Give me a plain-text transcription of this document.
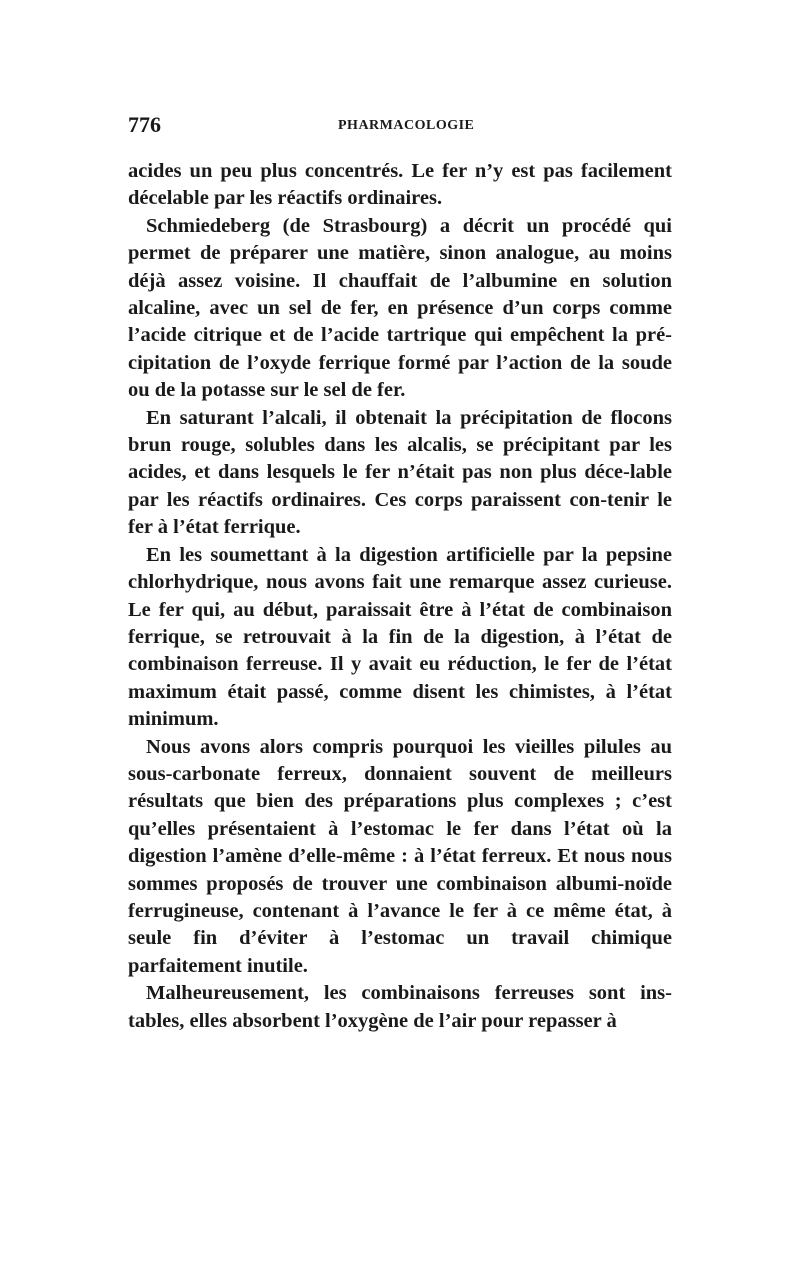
776	PHARMACOLOGIE

acides un peu plus concentrés. Le fer n’y est pas facilement décelable par les réactifs ordinaires.

Schmiedeberg (de Strasbourg) a décrit un procédé qui permet de préparer une matière, sinon analogue, au moins déjà assez voisine. Il chauffait de l’albumine en solution alcaline, avec un sel de fer, en présence d’un corps comme l’acide citrique et de l’acide tartrique qui empêchent la pré-cipitation de l’oxyde ferrique formé par l’action de la soude ou de la potasse sur le sel de fer.

En saturant l’alcali, il obtenait la précipitation de flocons brun rouge, solubles dans les alcalis, se précipitant par les acides, et dans lesquels le fer n’était pas non plus déce-lable par les réactifs ordinaires. Ces corps paraissent con-tenir le fer à l’état ferrique.

En les soumettant à la digestion artificielle par la pepsine chlorhydrique, nous avons fait une remarque assez curieuse. Le fer qui, au début, paraissait être à l’état de combinaison ferrique, se retrouvait à la fin de la digestion, à l’état de combinaison ferreuse. Il y avait eu réduction, le fer de l’état maximum était passé, comme disent les chimistes, à l’état minimum.

Nous avons alors compris pourquoi les vieilles pilules au sous-carbonate ferreux, donnaient souvent de meilleurs résultats que bien des préparations plus complexes ; c’est qu’elles présentaient à l’estomac le fer dans l’état où la digestion l’amène d’elle-même : à l’état ferreux. Et nous nous sommes proposés de trouver une combinaison albumi-noïde ferrugineuse, contenant à l’avance le fer à ce même état, à seule fin d’éviter à l’estomac un travail chimique parfaitement inutile.

Malheureusement, les combinaisons ferreuses sont ins-tables, elles absorbent l’oxygène de l’air pour repasser à
